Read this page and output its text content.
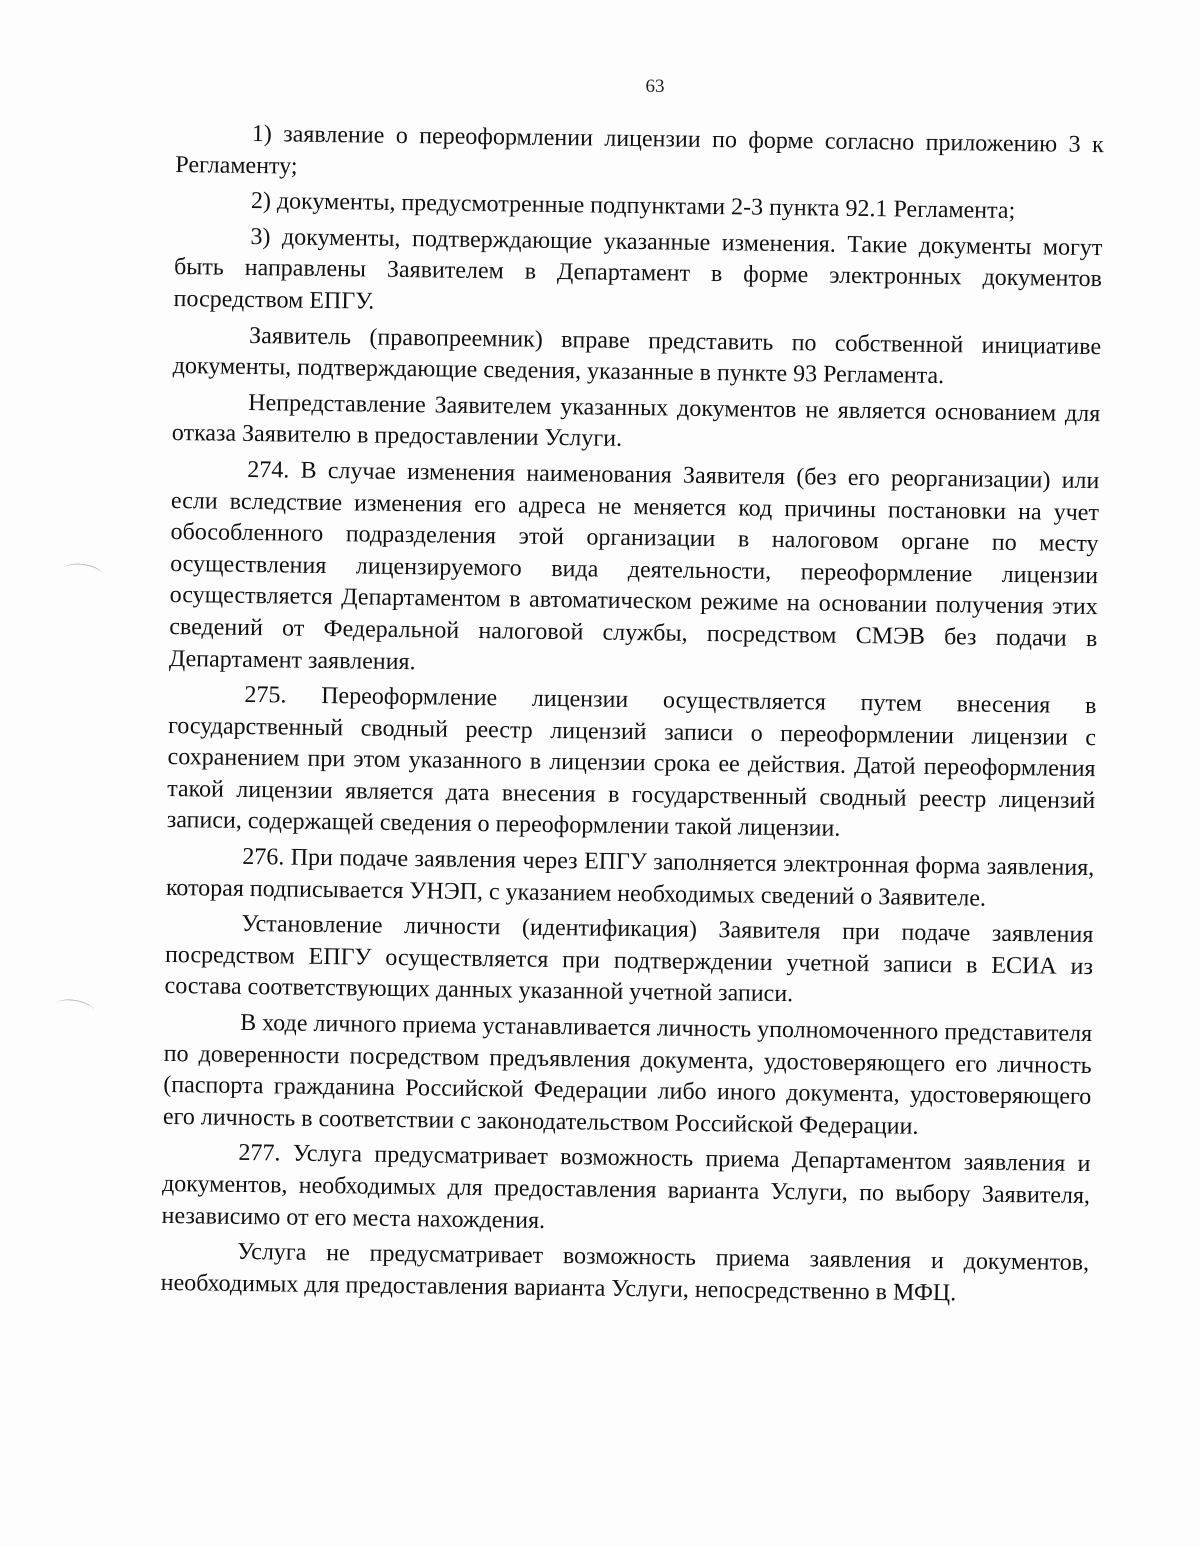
63

1) заявление о переоформлении лицензии по форме согласно приложению 3 к Регламенту;

2) документы, предусмотренные подпунктами 2-3 пункта 92.1 Регламента;

3) документы, подтверждающие указанные изменения. Такие документы могут быть направлены Заявителем в Департамент в форме электронных документов посредством ЕПГУ.

Заявитель (правопреемник) вправе представить по собственной инициативе документы, подтверждающие сведения, указанные в пункте 93 Регламента.

Непредставление Заявителем указанных документов не является основанием для отказа Заявителю в предоставлении Услуги.

274. В случае изменения наименования Заявителя (без его реорганизации) или если вследствие изменения его адреса не меняется код причины постановки на учет обособленного подразделения этой организации в налоговом органе по месту осуществления лицензируемого вида деятельности, переоформление лицензии осуществляется Департаментом в автоматическом режиме на основании получения этих сведений от Федеральной налоговой службы, посредством СМЭВ без подачи в Департамент заявления.

275. Переоформление лицензии осуществляется путем внесения в государственный сводный реестр лицензий записи о переоформлении лицензии с сохранением при этом указанного в лицензии срока ее действия. Датой переоформления такой лицензии является дата внесения в государственный сводный реестр лицензий записи, содержащей сведения о переоформлении такой лицензии.

276. При подаче заявления через ЕПГУ заполняется электронная форма заявления, которая подписывается УНЭП, с указанием необходимых сведений о Заявителе.

Установление личности (идентификация) Заявителя при подаче заявления посредством ЕПГУ осуществляется при подтверждении учетной записи в ЕСИА из состава соответствующих данных указанной учетной записи.

В ходе личного приема устанавливается личность уполномоченного представителя по доверенности посредством предъявления документа, удостоверяющего его личность (паспорта гражданина Российской Федерации либо иного документа, удостоверяющего его личность в соответствии с законодательством Российской Федерации.

277. Услуга предусматривает возможность приема Департаментом заявления и документов, необходимых для предоставления варианта Услуги, по выбору Заявителя, независимо от его места нахождения.

Услуга не предусматривает возможность приема заявления и документов, необходимых для предоставления варианта Услуги, непосредственно в МФЦ.
